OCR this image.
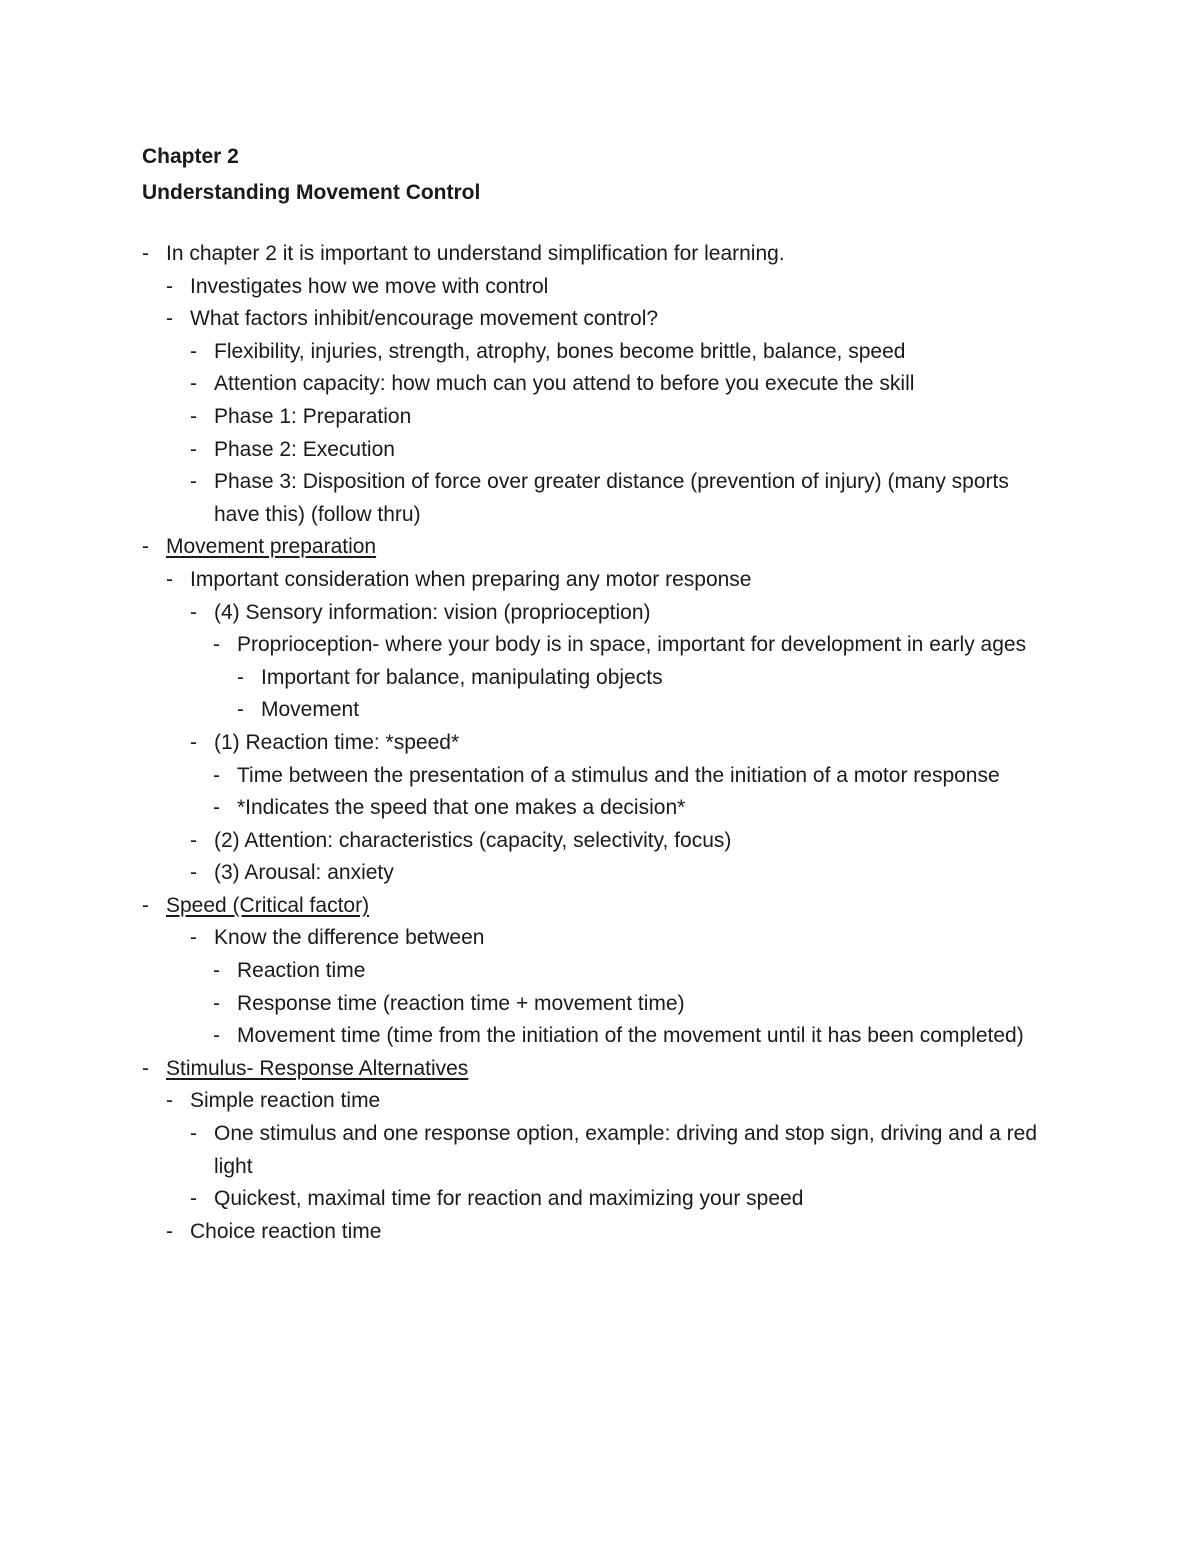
Chapter 2
Understanding Movement Control
- In chapter 2 it is important to understand simplification for learning.
- Investigates how we move with control
- What factors inhibit/encourage movement control?
- Flexibility, injuries, strength, atrophy, bones become brittle, balance, speed
- Attention capacity: how much can you attend to before you execute the skill
- Phase 1: Preparation
- Phase 2: Execution
- Phase 3: Disposition of force over greater distance (prevention of injury) (many sports have this) (follow thru)
- Movement preparation
- Important consideration when preparing any motor response
- (4) Sensory information: vision (proprioception)
- Proprioception- where your body is in space, important for development in early ages
- Important for balance, manipulating objects
- Movement
- (1) Reaction time: *speed*
- Time between the presentation of a stimulus and the initiation of a motor response
- *Indicates the speed that one makes a decision*
- (2) Attention: characteristics (capacity, selectivity, focus)
- (3) Arousal: anxiety
- Speed (Critical factor)
- Know the difference between
- Reaction time
- Response time (reaction time + movement time)
- Movement time (time from the initiation of the movement until it has been completed)
- Stimulus- Response Alternatives
- Simple reaction time
- One stimulus and one response option, example: driving and stop sign, driving and a red light
- Quickest, maximal time for reaction and maximizing your speed
- Choice reaction time
